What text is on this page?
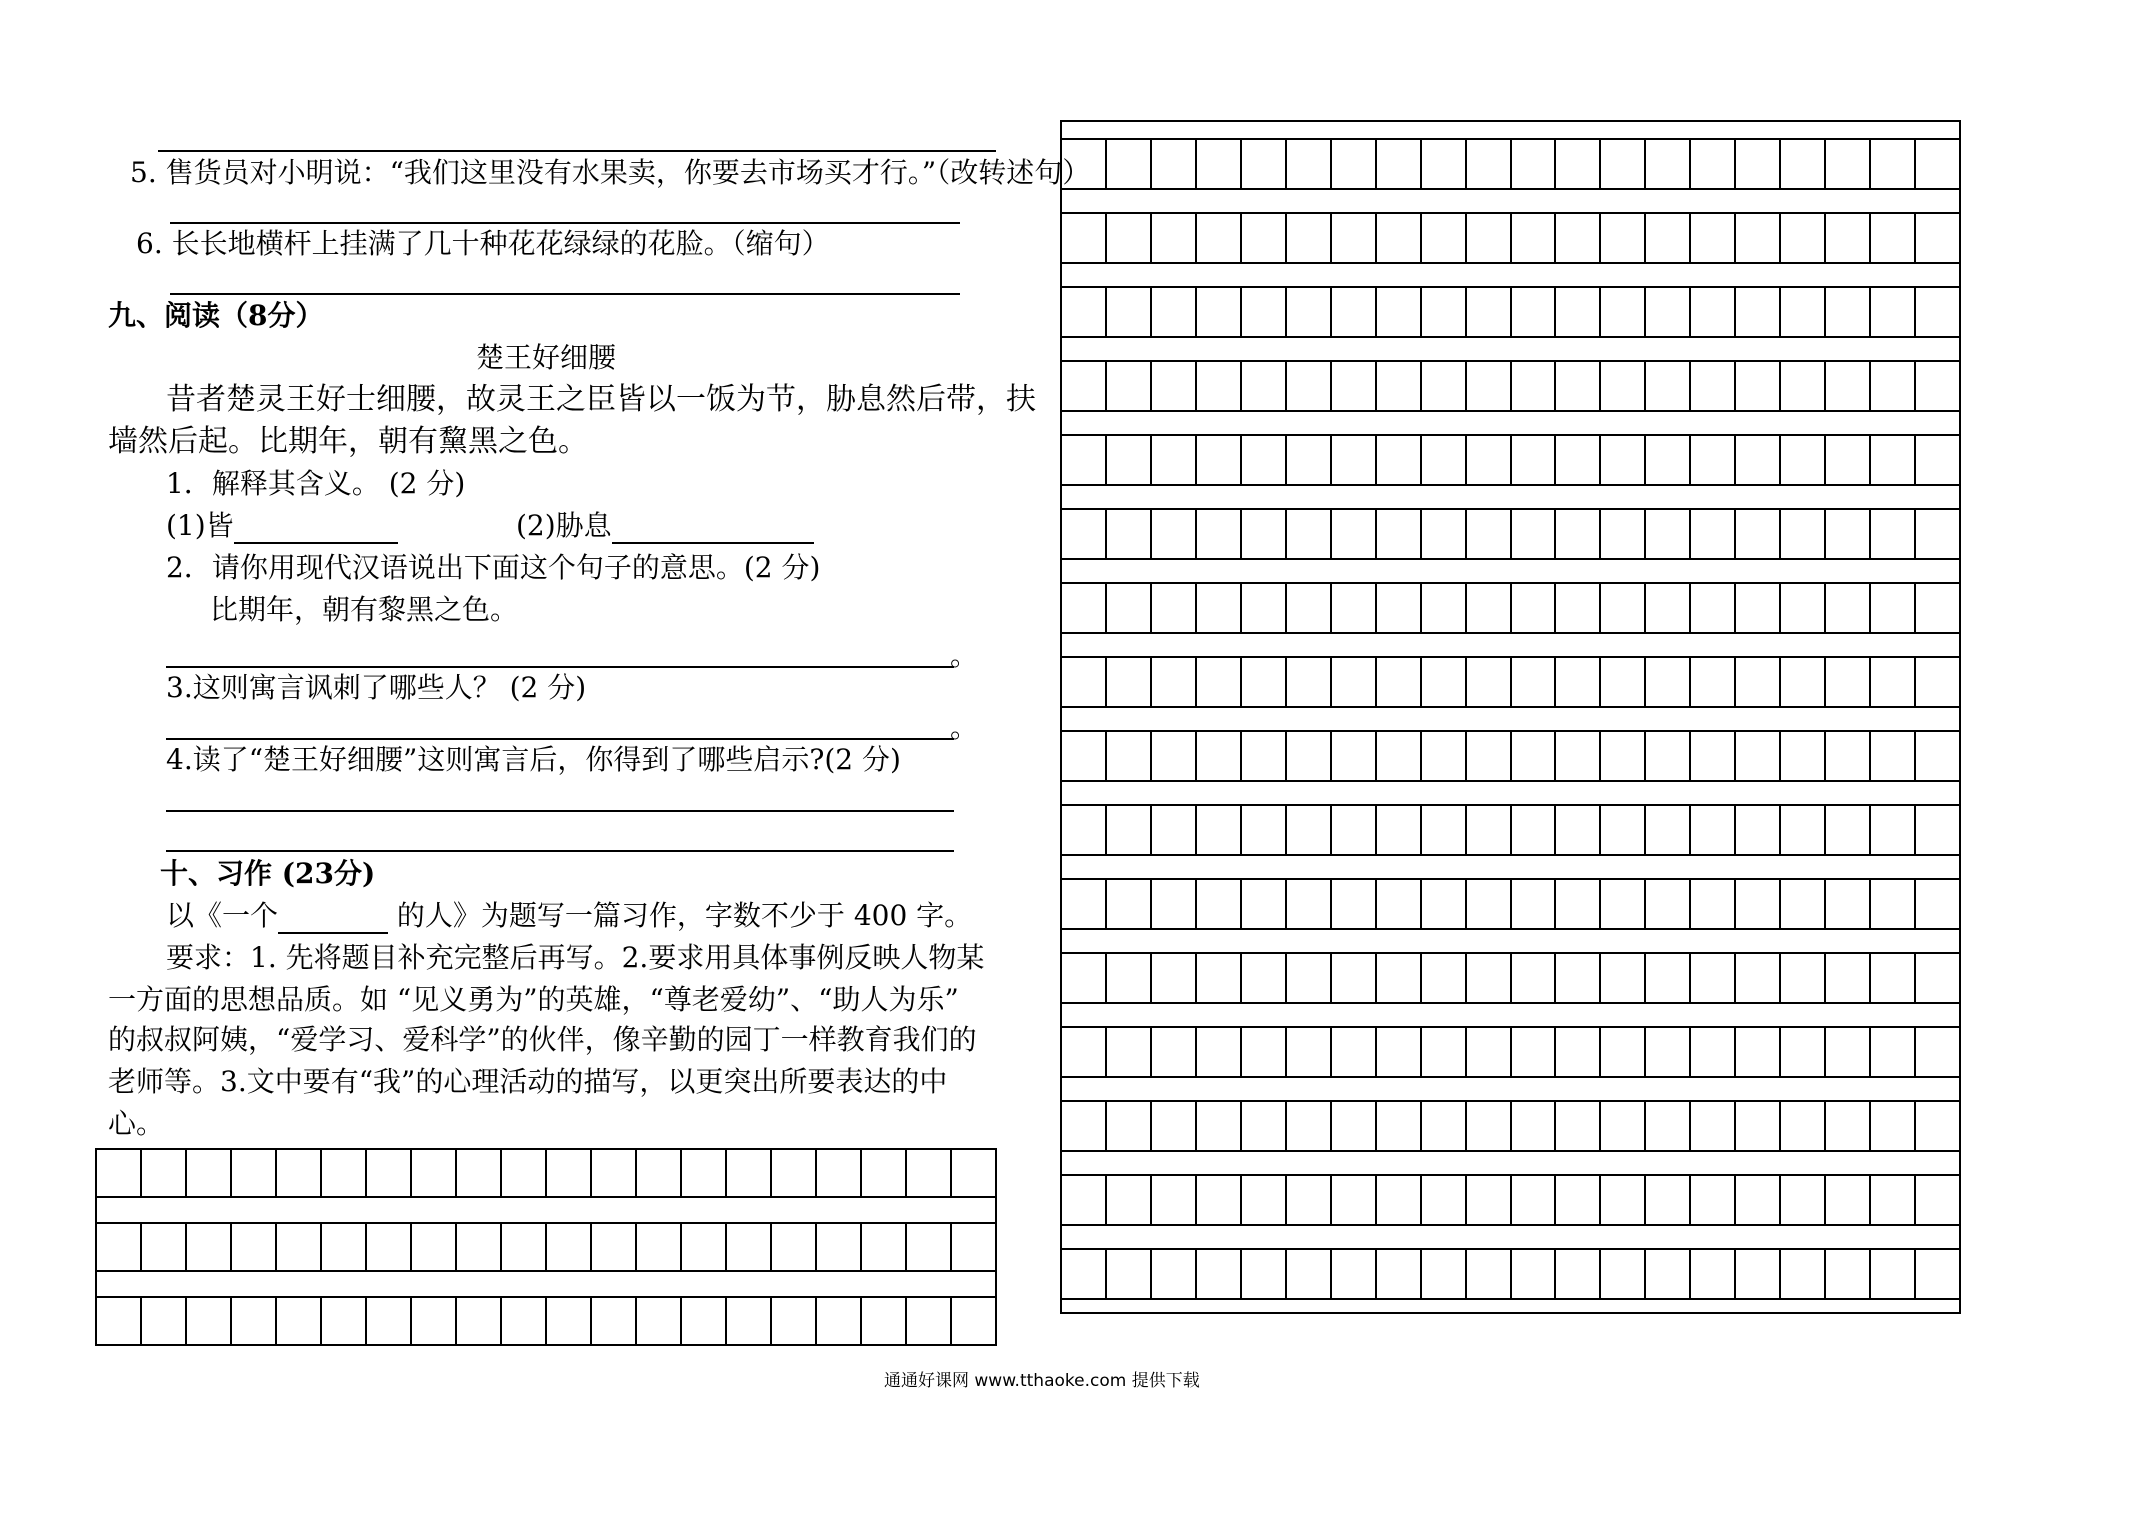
5. 售货员对小明说：“我们这里没有水果卖，你要去市场买才行。”（改转述句）
6. 长长地横杆上挂满了几十种花花绿绿的花脸。（缩句）
九、阅读（8分）
楚王好细腰
昔者楚灵王好士细腰，故灵王之臣皆以一饭为节，胁息然后带，扶
墙然后起。比期年，朝有黧黑之色。
1．解释其含义。 (2 分)
(1)皆	(2)胁息
2．请你用现代汉语说出下面这个句子的意思。(2 分)
比期年，朝有黎黑之色。
。
3.这则寓言讽刺了哪些人？ (2 分)
。
4.读了“楚王好细腰”这则寓言后，你得到了哪些启示?(2 分)
十、习作 (23分)
以《一个	的人》为题写一篇习作，字数不少于 400 字。
要求：1. 先将题目补充完整后再写。2.要求用具体事例反映人物某
一方面的思想品质。如 “见义勇为”的英雄，“尊老爱幼”、“助人为乐”
的叔叔阿姨，“爱学习、爱科学”的伙伴，像辛勤的园丁一样教育我们的
老师等。3.文中要有“我”的心理活动的描写，以更突出所要表达的中
心。
通通好课网 www.tthaoke.com 提供下载
